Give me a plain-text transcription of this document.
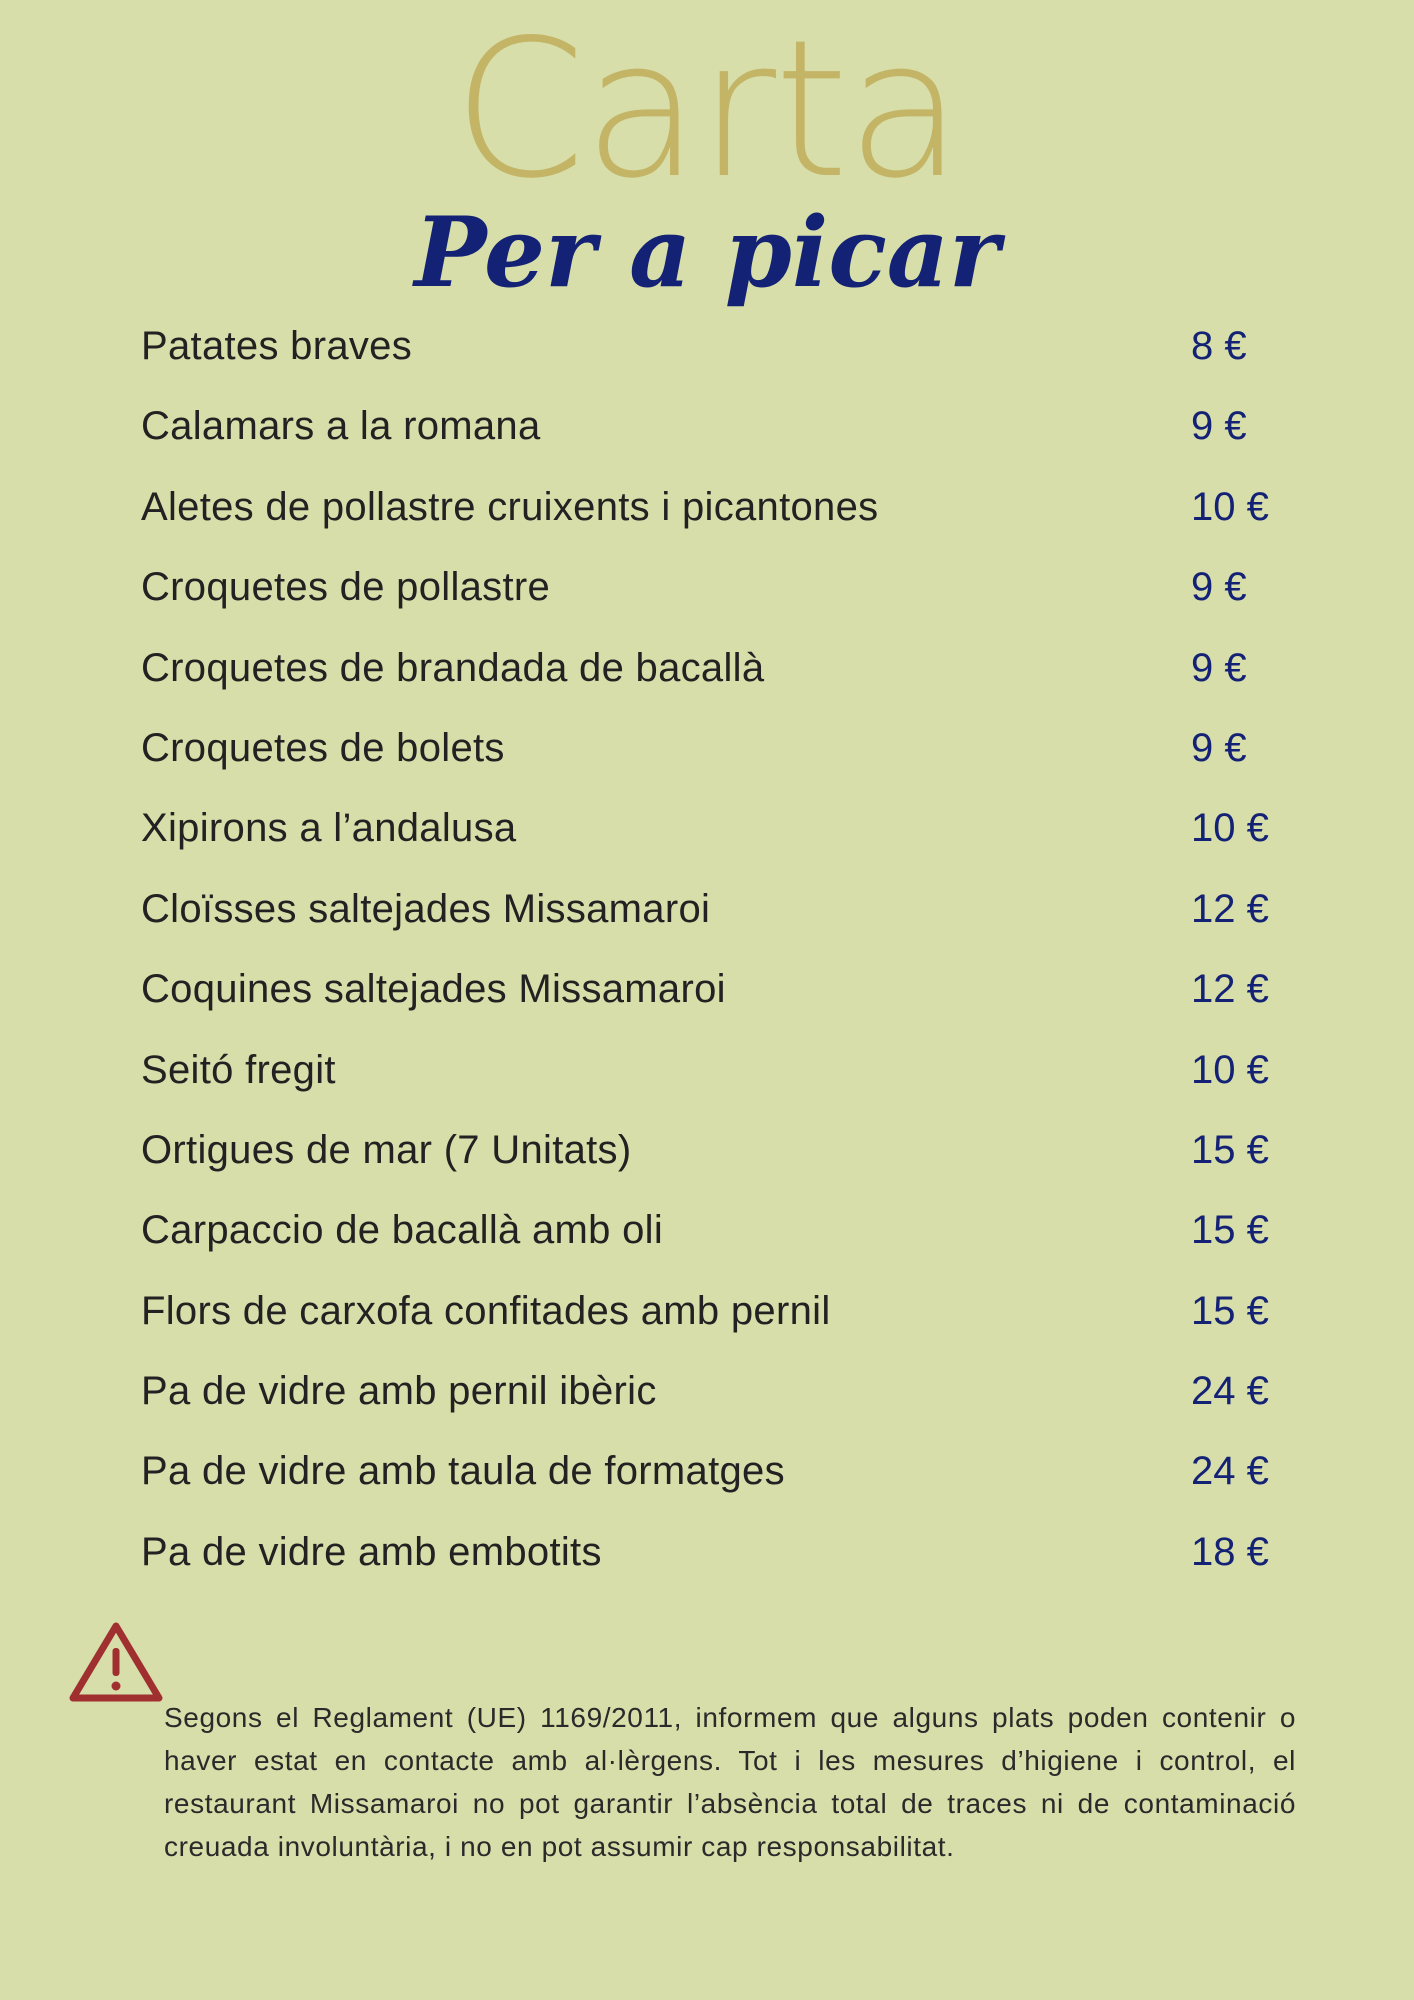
Carta
Per a picar
Patates braves	8 €
Calamars a la romana	9 €
Aletes de pollastre cruixents i picantones	10 €
Croquetes de pollastre	9 €
Croquetes de brandada de bacallà	9 €
Croquetes de bolets	9 €
Xipirons a l’andalusa	10 €
Cloïsses saltejades Missamaroi	12 €
Coquines saltejades Missamaroi	12 €
Seitó fregit	10 €
Ortigues de mar (7 Unitats)	15 €
Carpaccio de bacallà amb oli	15 €
Flors de carxofa confitades amb pernil	15 €
Pa de vidre amb pernil ibèric	24 €
Pa de vidre amb taula de formatges	24 €
Pa de vidre amb embotits	18 €

Segons el Reglament (UE) 1169/2011, informem que alguns plats poden contenir o haver estat en contacte amb al·lèrgens. Tot i les mesures d’higiene i control, el restaurant Missamaroi no pot garantir l’absència total de traces ni de contaminació creuada involuntària, i no en pot assumir cap responsabilitat.
